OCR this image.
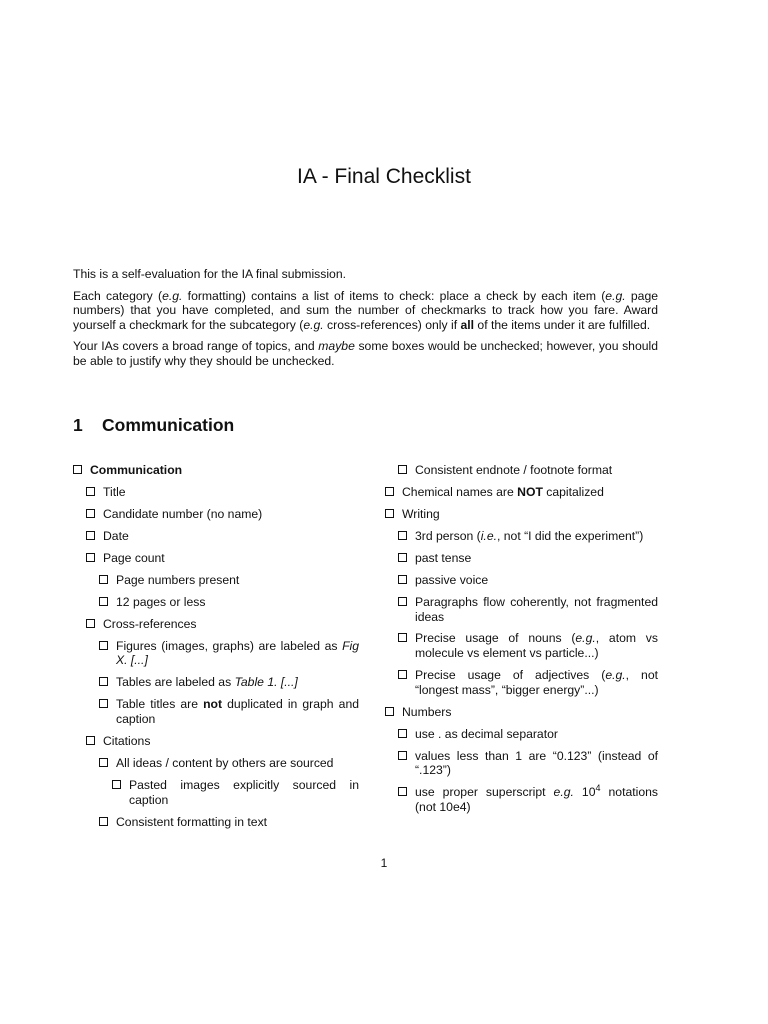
IA - Final Checklist

This is a self-evaluation for the IA final submission.

Each category (e.g. formatting) contains a list of items to check: place a check by each item (e.g. page numbers) that you have completed, and sum the number of checkmarks to track how you fare. Award yourself a checkmark for the subcategory (e.g. cross-references) only if all of the items under it are fulfilled.

Your IAs covers a broad range of topics, and maybe some boxes would be unchecked; however, you should be able to justify why they should be unchecked.

1 Communication
Communication
Title
Candidate number (no name)
Date
Page count
Page numbers present
12 pages or less
Cross-references
Figures (images, graphs) are labeled as Fig X. [...]
Tables are labeled as Table 1. [...]
Table titles are not duplicated in graph and caption
Citations
All ideas / content by others are sourced
Pasted images explicitly sourced in caption
Consistent formatting in text
Consistent endnote / footnote format
Chemical names are NOT capitalized
Writing
3rd person (i.e., not “I did the experiment”)
past tense
passive voice
Paragraphs flow coherently, not fragmented ideas
Precise usage of nouns (e.g., atom vs molecule vs element vs particle...)
Precise usage of adjectives (e.g., not “longest mass”, “bigger energy”...)
Numbers
use . as decimal separator
values less than 1 are “0.123” (instead of “.123”)
use proper superscript e.g. $10^4$ notations (not 10e4)
1
